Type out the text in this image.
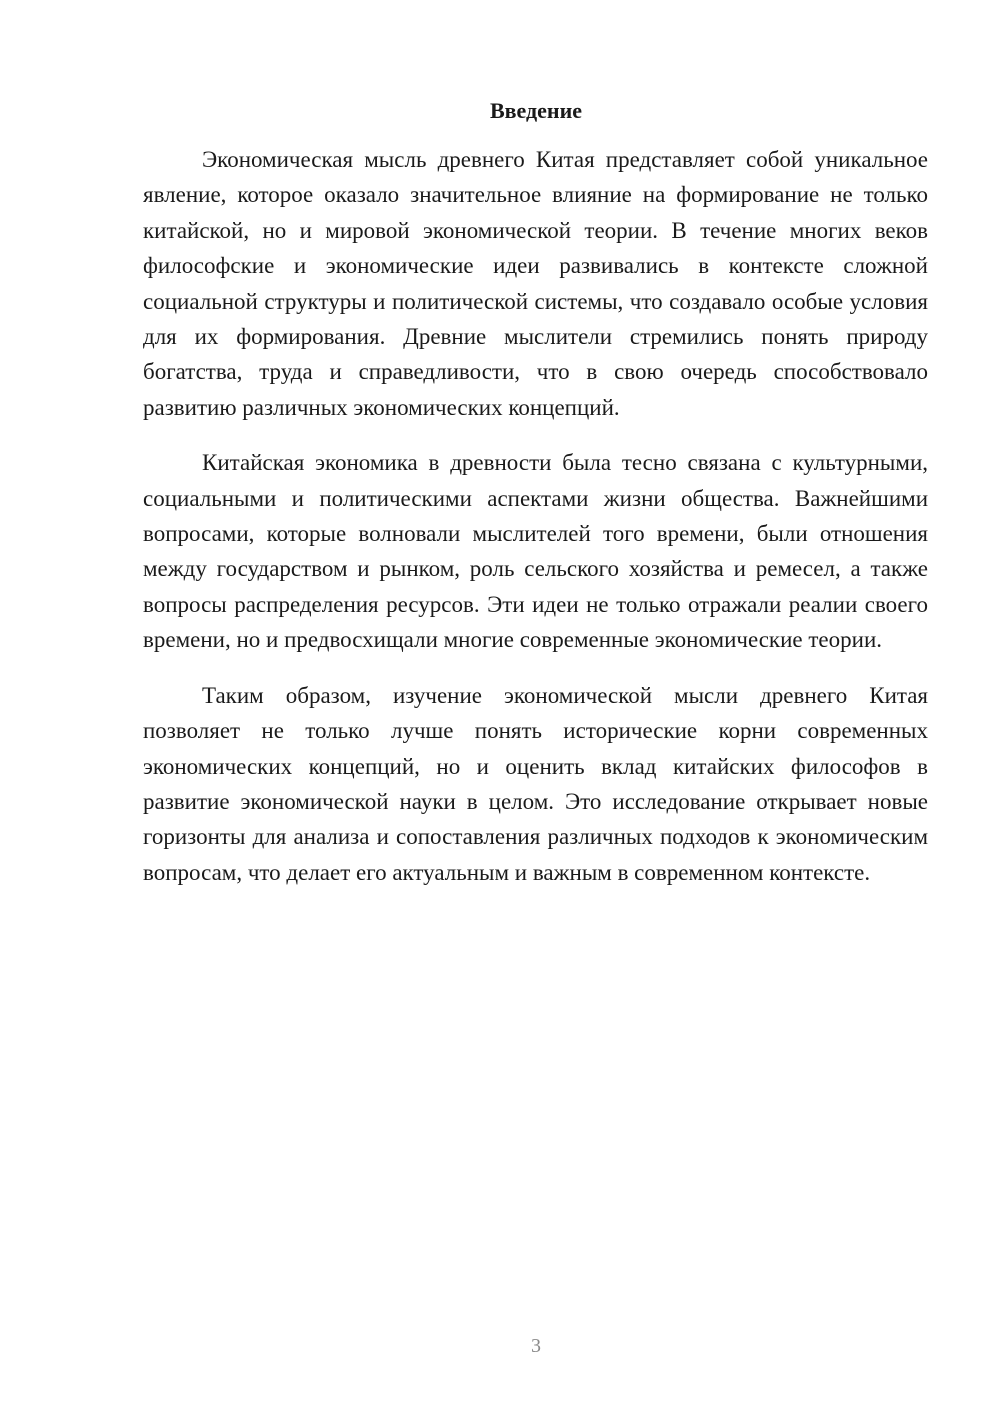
Введение

Экономическая мысль древнего Китая представляет собой уникальное явление, которое оказало значительное влияние на формирование не только китайской, но и мировой экономической теории. В течение многих веков философские и экономические идеи развивались в контексте сложной социальной структуры и политической системы, что создавало особые условия для их формирования. Древние мыслители стремились понять природу богатства, труда и справедливости, что в свою очередь способствовало развитию различных экономических концепций.

Китайская экономика в древности была тесно связана с культурными, социальными и политическими аспектами жизни общества. Важнейшими вопросами, которые волновали мыслителей того времени, были отношения между государством и рынком, роль сельского хозяйства и ремесел, а также вопросы распределения ресурсов. Эти идеи не только отражали реалии своего времени, но и предвосхищали многие современные экономические теории.

Таким образом, изучение экономической мысли древнего Китая позволяет не только лучше понять исторические корни современных экономических концепций, но и оценить вклад китайских философов в развитие экономической науки в целом. Это исследование открывает новые горизонты для анализа и сопоставления различных подходов к экономическим вопросам, что делает его актуальным и важным в современном контексте.

3
